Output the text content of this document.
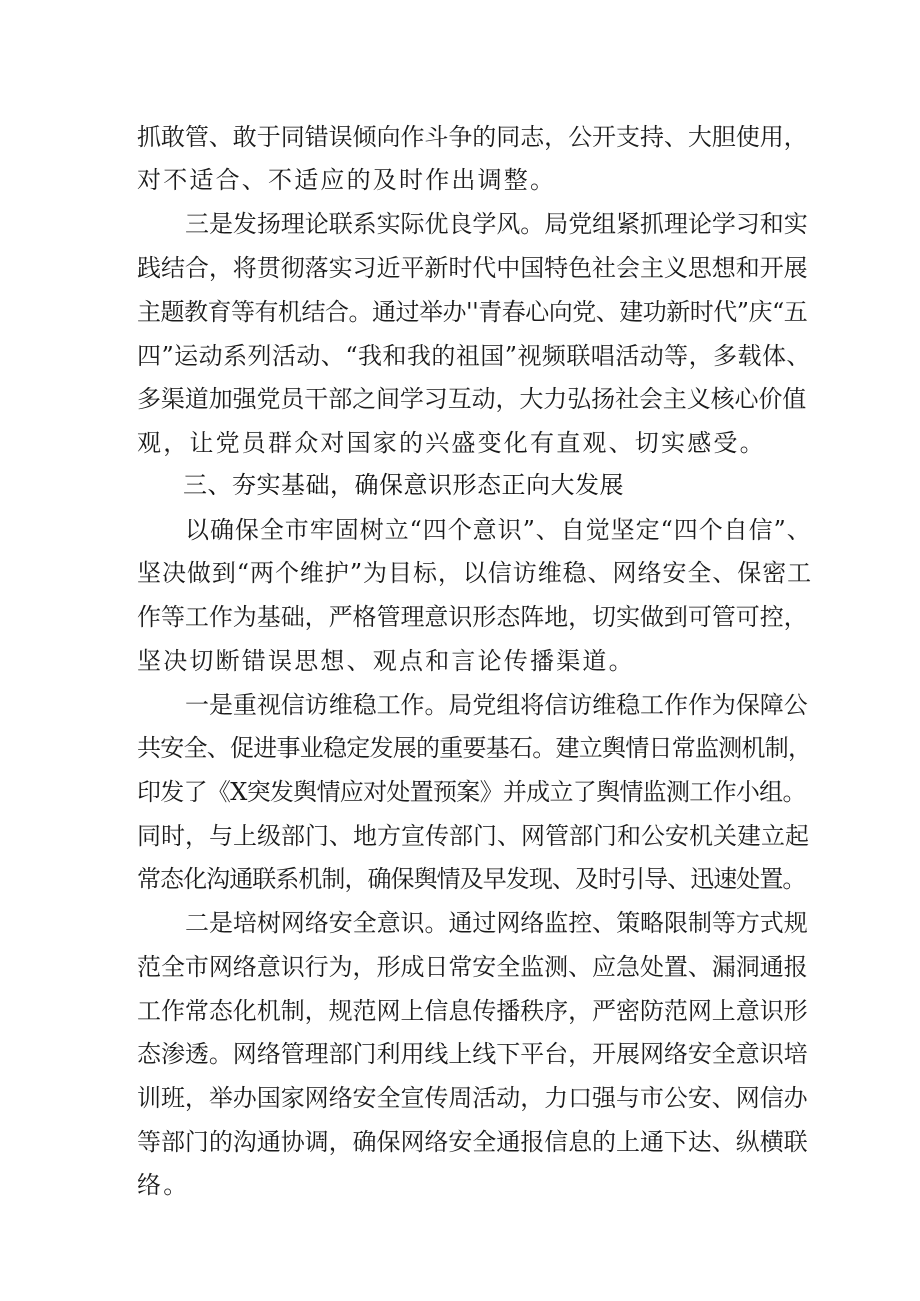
抓敢管、敢于同错误倾向作斗争的同志，公开支持、大胆使用，
对不适合、不适应的及时作出调整。
三是发扬理论联系实际优良学风。局党组紧抓理论学习和实
践结合，将贯彻落实习近平新时代中国特色社会主义思想和开展
主题教育等有机结合。通过举办''青春心向党、建功新时代”庆“五
四”运动系列活动、“我和我的祖国”视频联唱活动等，多载体、
多渠道加强党员干部之间学习互动，大力弘扬社会主义核心价值
观，让党员群众对国家的兴盛变化有直观、切实感受。
三、夯实基础，确保意识形态正向大发展
以确保全市牢固树立“四个意识”、自觉坚定“四个自信”、
坚决做到“两个维护”为目标，以信访维稳、网络安全、保密工
作等工作为基础，严格管理意识形态阵地，切实做到可管可控，
坚决切断错误思想、观点和言论传播渠道。
一是重视信访维稳工作。局党组将信访维稳工作作为保障公
共安全、促进事业稳定发展的重要基石。建立舆情日常监测机制，
印发了《X突发舆情应对处置预案》并成立了舆情监测工作小组。
同时，与上级部门、地方宣传部门、网管部门和公安机关建立起
常态化沟通联系机制，确保舆情及早发现、及时引导、迅速处置。
二是培树网络安全意识。通过网络监控、策略限制等方式规
范全市网络意识行为，形成日常安全监测、应急处置、漏洞通报
工作常态化机制，规范网上信息传播秩序，严密防范网上意识形
态渗透。网络管理部门利用线上线下平台，开展网络安全意识培
训班，举办国家网络安全宣传周活动，力口强与市公安、网信办
等部门的沟通协调，确保网络安全通报信息的上通下达、纵横联
络。
